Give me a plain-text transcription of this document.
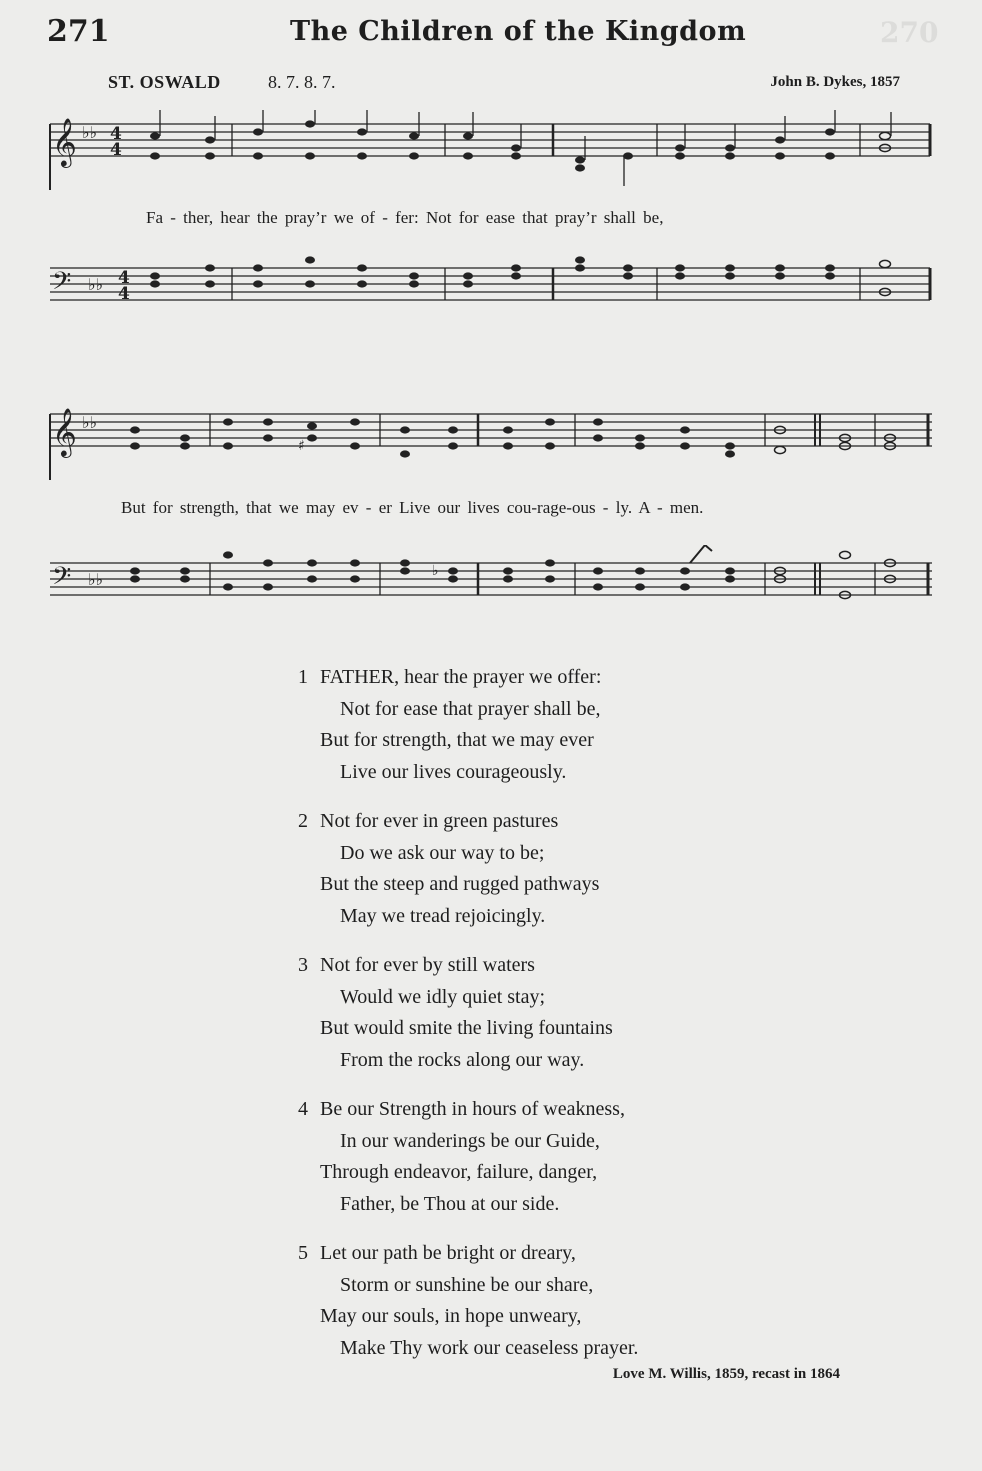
270
271	The Children of the Kingdom
ST. OSWALD	8. 7. 8. 7.	John B. Dykes, 1857
𝄞 ♭♭ 4
4
Fa - ther, hear the pray’r we of - fer: Not for ease that pray’r shall be,
𝄢 ♭♭ 4
4
𝄞 ♭♭
♯
But for strength, that we may ev - er Live our lives cou-rage-ous - ly. A - men.
𝄢 ♭♭	♭
1 FATHER, hear the prayer we offer:
Not for ease that prayer shall be,
But for strength, that we may ever
Live our lives courageously.
2 Not for ever in green pastures
Do we ask our way to be;
But the steep and rugged pathways
May we tread rejoicingly.
3 Not for ever by still waters
Would we idly quiet stay;
But would smite the living fountains
From the rocks along our way.
4 Be our Strength in hours of weakness,
In our wanderings be our Guide,
Through endeavor, failure, danger,
Father, be Thou at our side.
5 Let our path be bright or dreary,
Storm or sunshine be our share,
May our souls, in hope unweary,
Make Thy work our ceaseless prayer.
Love M. Willis, 1859, recast in 1864
